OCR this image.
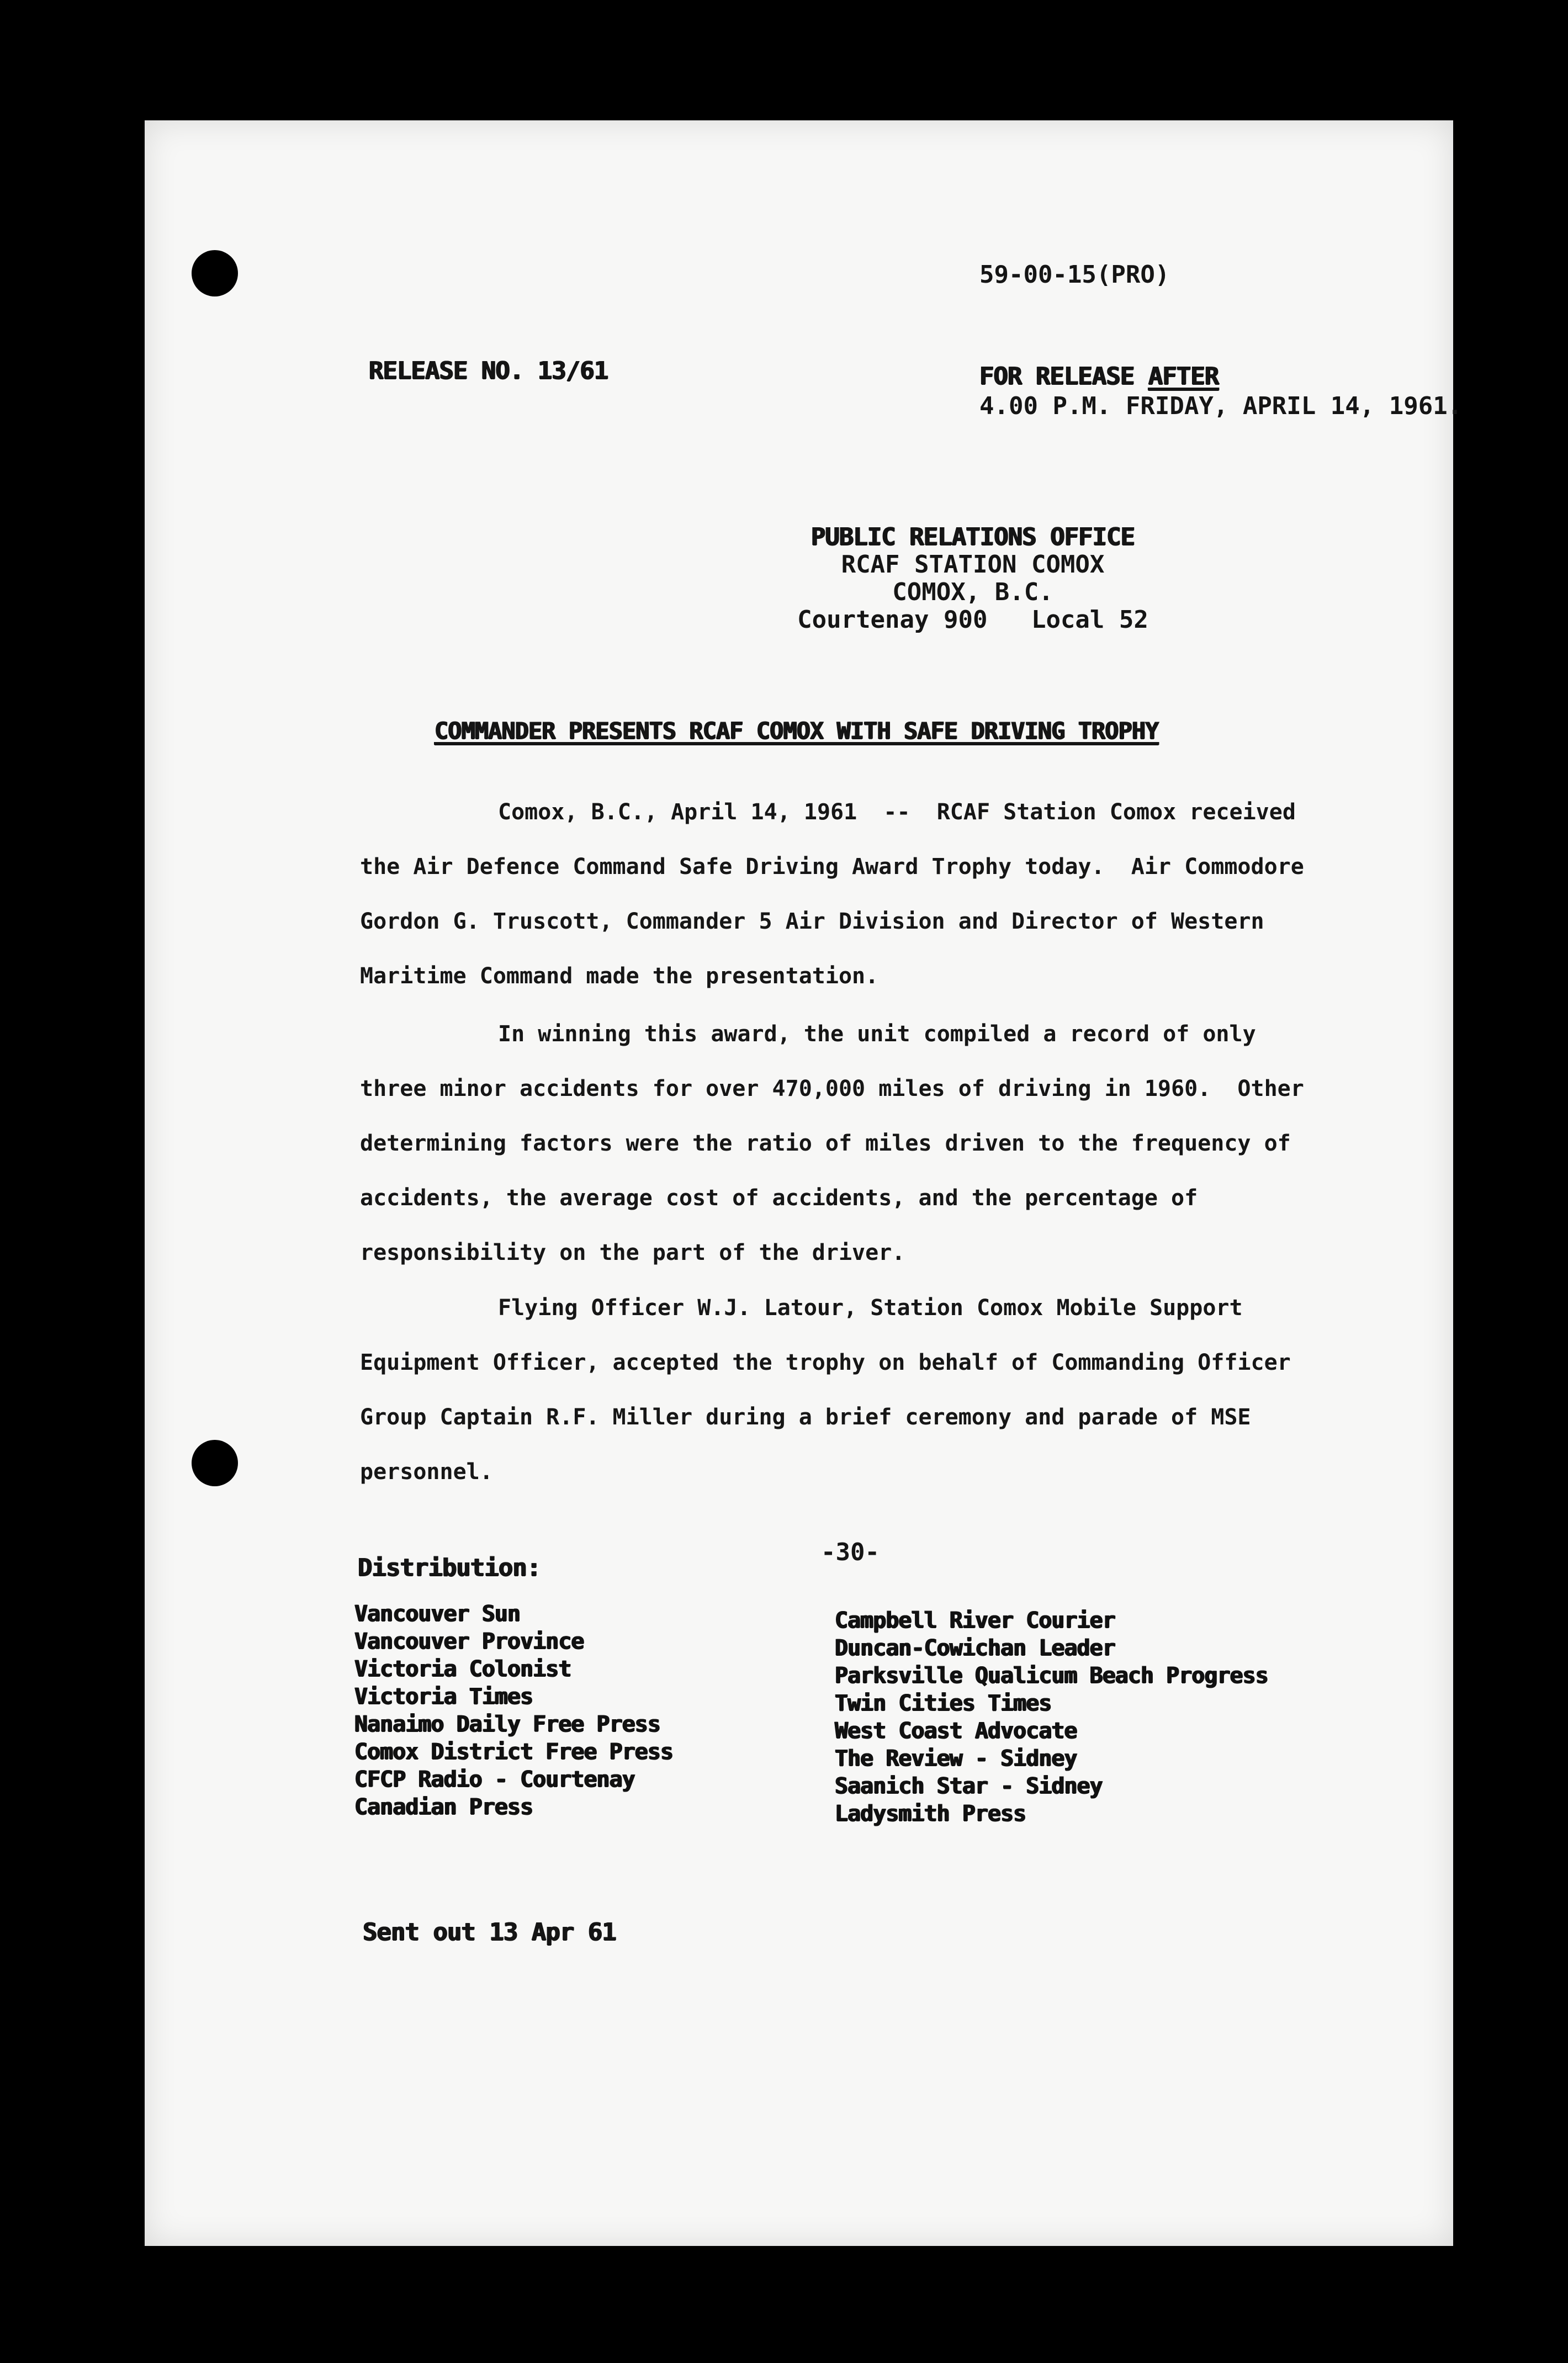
59-00-15(PRO)
RELEASE NO. 13/61	FOR RELEASE AFTER
4.00 P.M. FRIDAY, APRIL 14, 1961.
PUBLIC RELATIONS OFFICE
RCAF STATION COMOX
COMOX, B.C.
Courtenay 900   Local 52
COMMANDER PRESENTS RCAF COMOX WITH SAFE DRIVING TROPHY
Comox, B.C., April 14, 1961  --  RCAF Station Comox received
the Air Defence Command Safe Driving Award Trophy today.  Air Commodore
Gordon G. Truscott, Commander 5 Air Division and Director of Western
Maritime Command made the presentation.
In winning this award, the unit compiled a record of only
three minor accidents for over 470,000 miles of driving in 1960.  Other
determining factors were the ratio of miles driven to the frequency of
accidents, the average cost of accidents, and the percentage of
responsibility on the part of the driver.
Flying Officer W.J. Latour, Station Comox Mobile Support
Equipment Officer, accepted the trophy on behalf of Commanding Officer
Group Captain R.F. Miller during a brief ceremony and parade of MSE
personnel.
-30-
Distribution:
Vancouver Sun
Vancouver Province
Victoria Colonist
Victoria Times
Nanaimo Daily Free Press
Comox District Free Press
CFCP Radio - Courtenay
Canadian Press
Campbell River Courier
Duncan-Cowichan Leader
Parksville Qualicum Beach Progress
Twin Cities Times
West Coast Advocate
The Review - Sidney
Saanich Star - Sidney
Ladysmith Press
Sent out 13 Apr 61
